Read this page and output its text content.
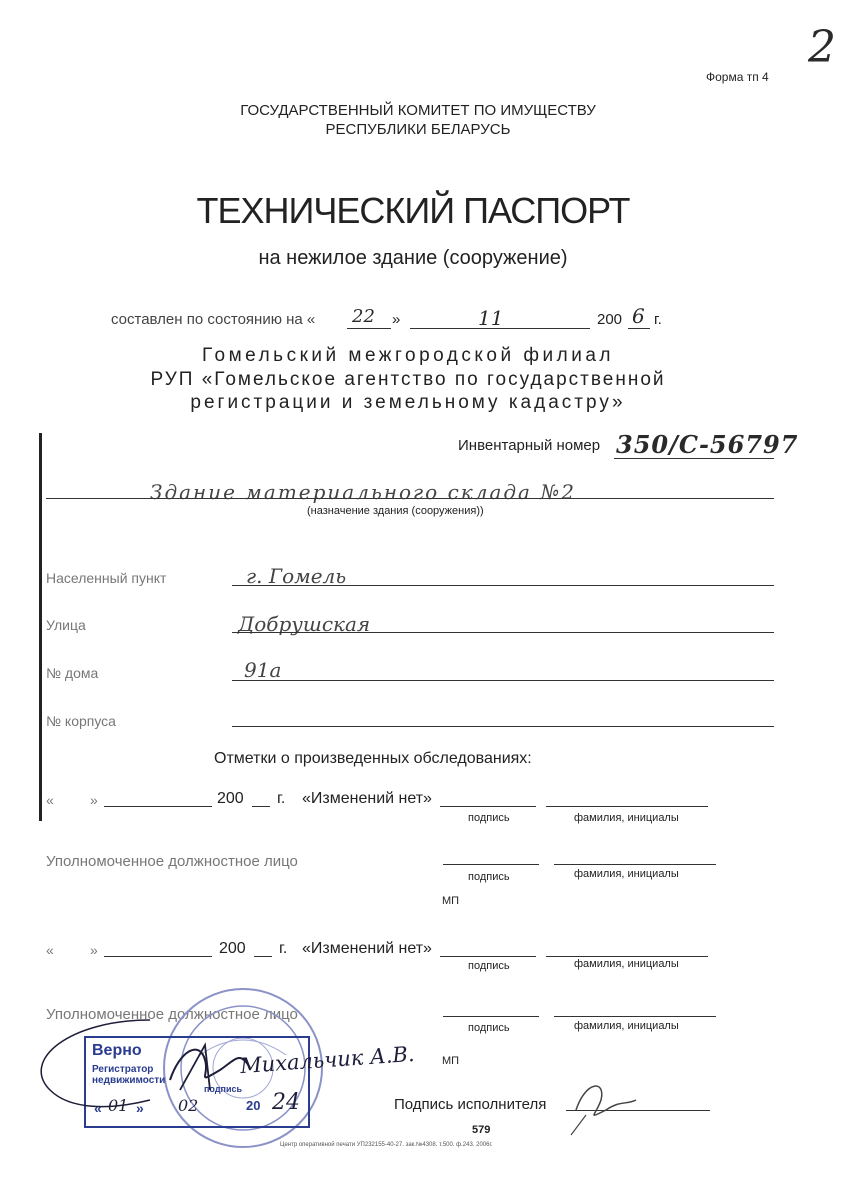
2
Форма тп 4
ГОСУДАРСТВЕННЫЙ КОМИТЕТ ПО ИМУЩЕСТВУ
РЕСПУБЛИКИ БЕЛАРУСЬ
ТЕХНИЧЕСКИЙ ПАСПОРТ
на нежилое здание (сооружение)
составлен по состоянию на « 22 »	11	200 6 г.
Гомельский межгородской филиал
РУП «Гомельское агентство по государственной
регистрации и земельному кадастру»
Инвентарный номер 350/С-56797
Здание материального склада №2
(назначение здания (сооружения))
Населенный пункт	г. Гомель
Улица	Добрушская
№ дома	91а
№ корпуса
Отметки о произведенных обследованиях:
«	»	200 г. «Изменений нет»
подпись	фамилия, инициалы
Уполномоченное должностное лицо
подпись	фамилия, инициалы
МП
«	»	200 г. «Изменений нет»
подпись	фамилия, инициалы
Уполномоченное должностное лицо
подпись	фамилия, инициалы
МП
Верно
Регистратор недвижимости
подпись
« 01 » 02	20 24
Михальчик А.В.
Подпись исполнителя
579
Центр оперативной печати УП232155-40-27. зак.№4308. т.500. ф.243. 2006г.
